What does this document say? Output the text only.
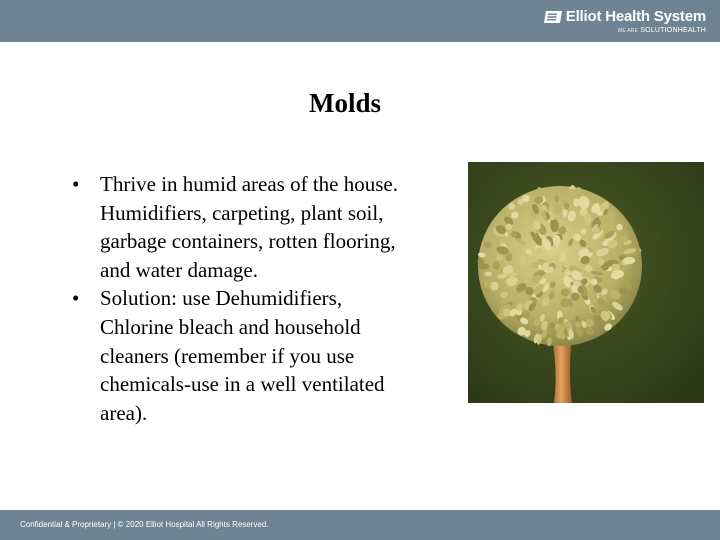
Elliot Health System
WE ARE SOLUTIONHEALTH
Molds
• Thrive in humid areas of the house. Humidifiers, carpeting, plant soil, garbage containers, rotten flooring, and water damage.
• Solution: use Dehumidifiers, Chlorine bleach and household cleaners (remember if you use chemicals-use in a well ventilated area).
Confidential & Proprietary | © 2020 Elliot Hospital All Rights Reserved.
